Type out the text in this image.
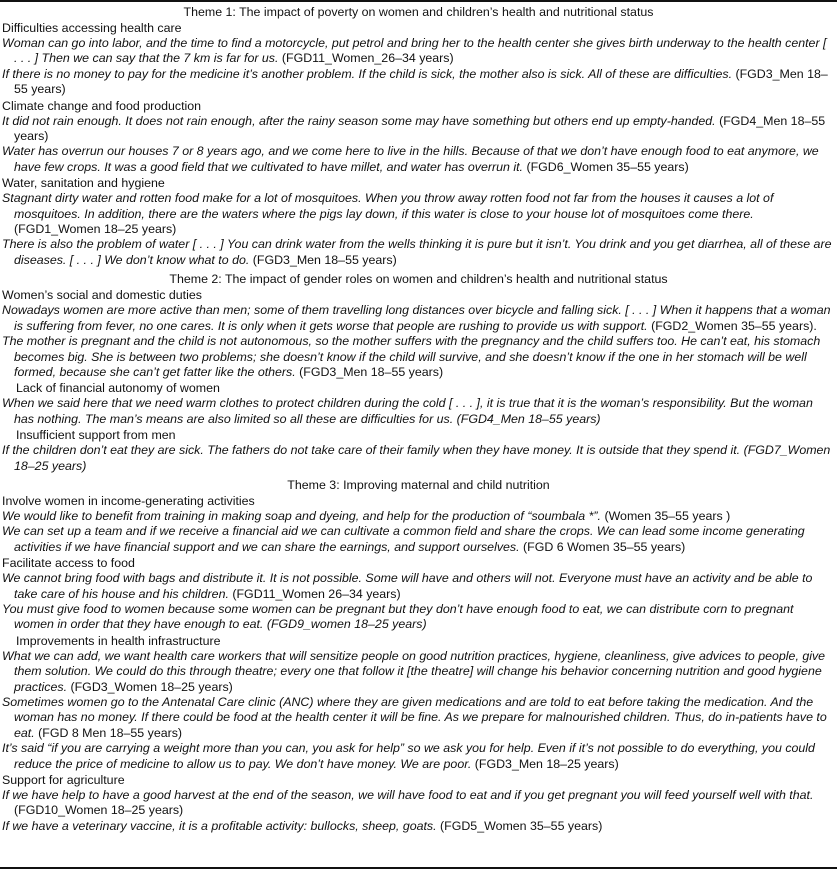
Theme 1: The impact of poverty on women and children’s health and nutritional status
Difficulties accessing health care
Woman can go into labor, and the time to find a motorcycle, put petrol and bring her to the health center she gives birth underway to the health center [ . . . ] Then we can say that the 7 km is far for us. (FGD11_Women_26–34 years)
If there is no money to pay for the medicine it’s another problem. If the child is sick, the mother also is sick. All of these are difficulties. (FGD3_Men 18–55 years)
Climate change and food production
It did not rain enough. It does not rain enough, after the rainy season some may have something but others end up empty-handed. (FGD4_Men 18–55 years)
Water has overrun our houses 7 or 8 years ago, and we come here to live in the hills. Because of that we don’t have enough food to eat anymore, we have few crops. It was a good field that we cultivated to have millet, and water has overrun it. (FGD6_Women 35–55 years)
Water, sanitation and hygiene
Stagnant dirty water and rotten food make for a lot of mosquitoes. When you throw away rotten food not far from the houses it causes a lot of mosquitoes. In addition, there are the waters where the pigs lay down, if this water is close to your house lot of mosquitoes come there. (FGD1_Women 18–25 years)
There is also the problem of water [ . . . ] You can drink water from the wells thinking it is pure but it isn’t. You drink and you get diarrhea, all of these are diseases. [ . . . ] We don’t know what to do. (FGD3_Men 18–55 years)
Theme 2: The impact of gender roles on women and children’s health and nutritional status
Women’s social and domestic duties
Nowadays women are more active than men; some of them travelling long distances over bicycle and falling sick. [ . . . ] When it happens that a woman is suffering from fever, no one cares. It is only when it gets worse that people are rushing to provide us with support. (FGD2_Women 35–55 years).
The mother is pregnant and the child is not autonomous, so the mother suffers with the pregnancy and the child suffers too. He can’t eat, his stomach becomes big. She is between two problems; she doesn’t know if the child will survive, and she doesn’t know if the one in her stomach will be well formed, because she can’t get fatter like the others. (FGD3_Men 18–55 years)
Lack of financial autonomy of women
When we said here that we need warm clothes to protect children during the cold [ . . . ], it is true that it is the woman’s responsibility. But the woman has nothing. The man’s means are also limited so all these are difficulties for us. (FGD4_Men 18–55 years)
Insufficient support from men
If the children don’t eat they are sick. The fathers do not take care of their family when they have money. It is outside that they spend it. (FGD7_Women 18–25 years)
Theme 3: Improving maternal and child nutrition
Involve women in income-generating activities
We would like to benefit from training in making soap and dyeing, and help for the production of “soumbala *”. (Women 35–55 years )
We can set up a team and if we receive a financial aid we can cultivate a common field and share the crops. We can lead some income generating activities if we have financial support and we can share the earnings, and support ourselves. (FGD 6 Women 35–55 years)
Facilitate access to food
We cannot bring food with bags and distribute it. It is not possible. Some will have and others will not. Everyone must have an activity and be able to take care of his house and his children. (FGD11_Women 26–34 years)
You must give food to women because some women can be pregnant but they don’t have enough food to eat, we can distribute corn to pregnant women in order that they have enough to eat. (FGD9_women 18–25 years)
Improvements in health infrastructure
What we can add, we want health care workers that will sensitize people on good nutrition practices, hygiene, cleanliness, give advices to people, give them solution. We could do this through theatre; every one that follow it [the theatre] will change his behavior concerning nutrition and good hygiene practices. (FGD3_Women 18–25 years)
Sometimes women go to the Antenatal Care clinic (ANC) where they are given medications and are told to eat before taking the medication. And the woman has no money. If there could be food at the health center it will be fine. As we prepare for malnourished children. Thus, do in-patients have to eat. (FGD 8 Men 18–55 years)
It’s said “if you are carrying a weight more than you can, you ask for help” so we ask you for help. Even if it’s not possible to do everything, you could reduce the price of medicine to allow us to pay. We don’t have money. We are poor. (FGD3_Men 18–25 years)
Support for agriculture
If we have help to have a good harvest at the end of the season, we will have food to eat and if you get pregnant you will feed yourself well with that. (FGD10_Women 18–25 years)
If we have a veterinary vaccine, it is a profitable activity: bullocks, sheep, goats. (FGD5_Women 35–55 years)
